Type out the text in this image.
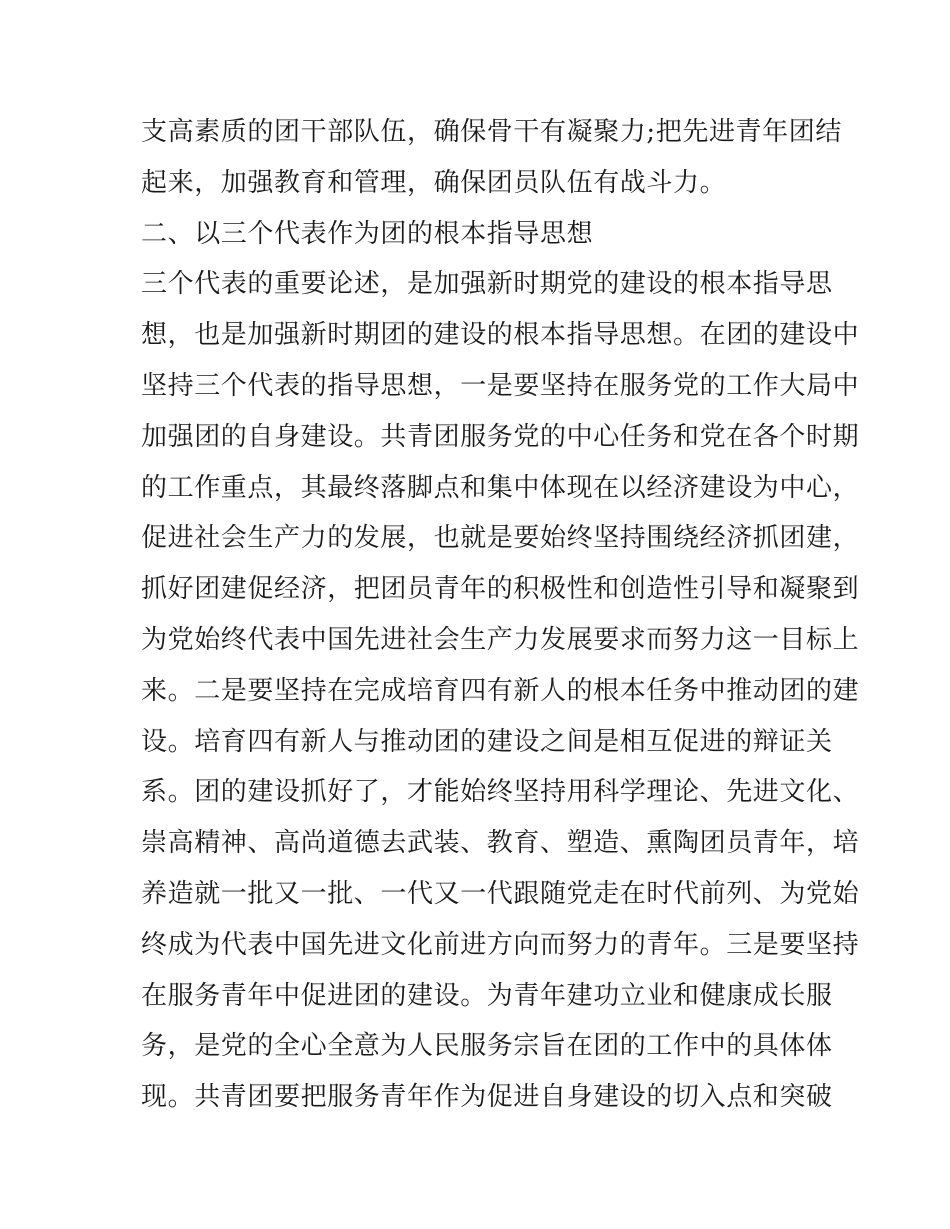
支高素质的团干部队伍，确保骨干有凝聚力;把先进青年团结
起来，加强教育和管理，确保团员队伍有战斗力。
二、以三个代表作为团的根本指导思想
三个代表的重要论述，是加强新时期党的建设的根本指导思
想，也是加强新时期团的建设的根本指导思想。在团的建设中
坚持三个代表的指导思想，一是要坚持在服务党的工作大局中
加强团的自身建设。共青团服务党的中心任务和党在各个时期
的工作重点，其最终落脚点和集中体现在以经济建设为中心，
促进社会生产力的发展，也就是要始终坚持围绕经济抓团建，
抓好团建促经济，把团员青年的积极性和创造性引导和凝聚到
为党始终代表中国先进社会生产力发展要求而努力这一目标上
来。二是要坚持在完成培育四有新人的根本任务中推动团的建
设。培育四有新人与推动团的建设之间是相互促进的辩证关
系。团的建设抓好了，才能始终坚持用科学理论、先进文化、
崇高精神、高尚道德去武装、教育、塑造、熏陶团员青年，培
养造就一批又一批、一代又一代跟随党走在时代前列、为党始
终成为代表中国先进文化前进方向而努力的青年。三是要坚持
在服务青年中促进团的建设。为青年建功立业和健康成长服
务，是党的全心全意为人民服务宗旨在团的工作中的具体体
现。共青团要把服务青年作为促进自身建设的切入点和突破
